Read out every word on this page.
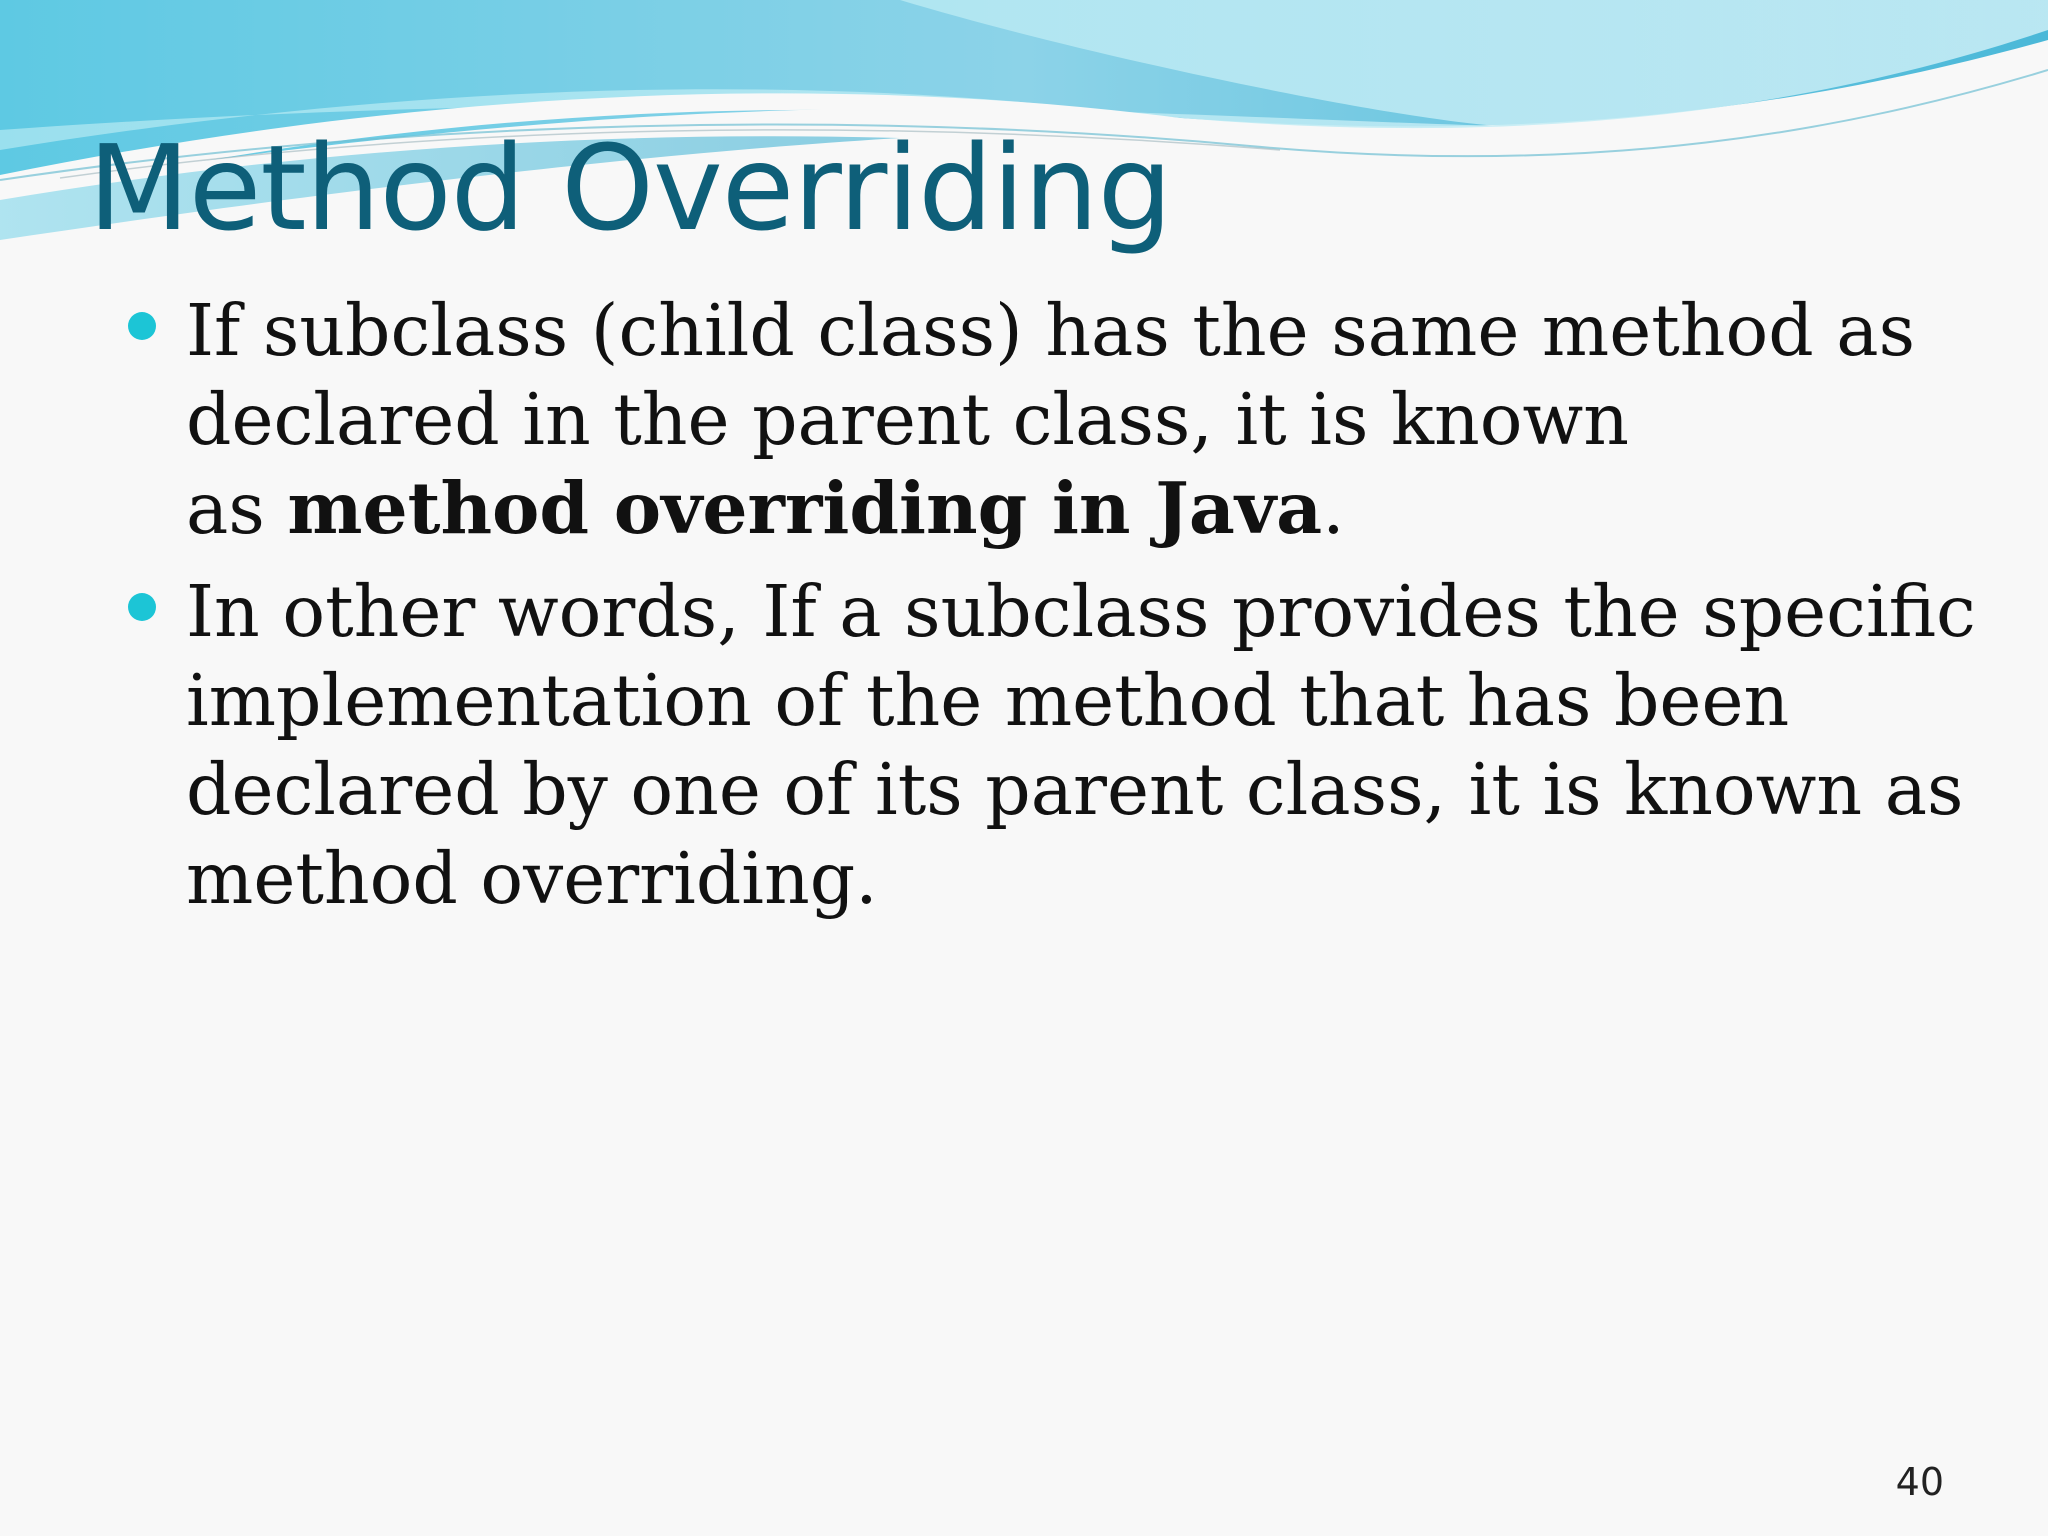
Method Overriding
If subclass (child class) has the same method as
declared in the parent class, it is known
as method overriding in Java.
In other words, If a subclass provides the specific
implementation of the method that has been
declared by one of its parent class, it is known as
method overriding.
40
